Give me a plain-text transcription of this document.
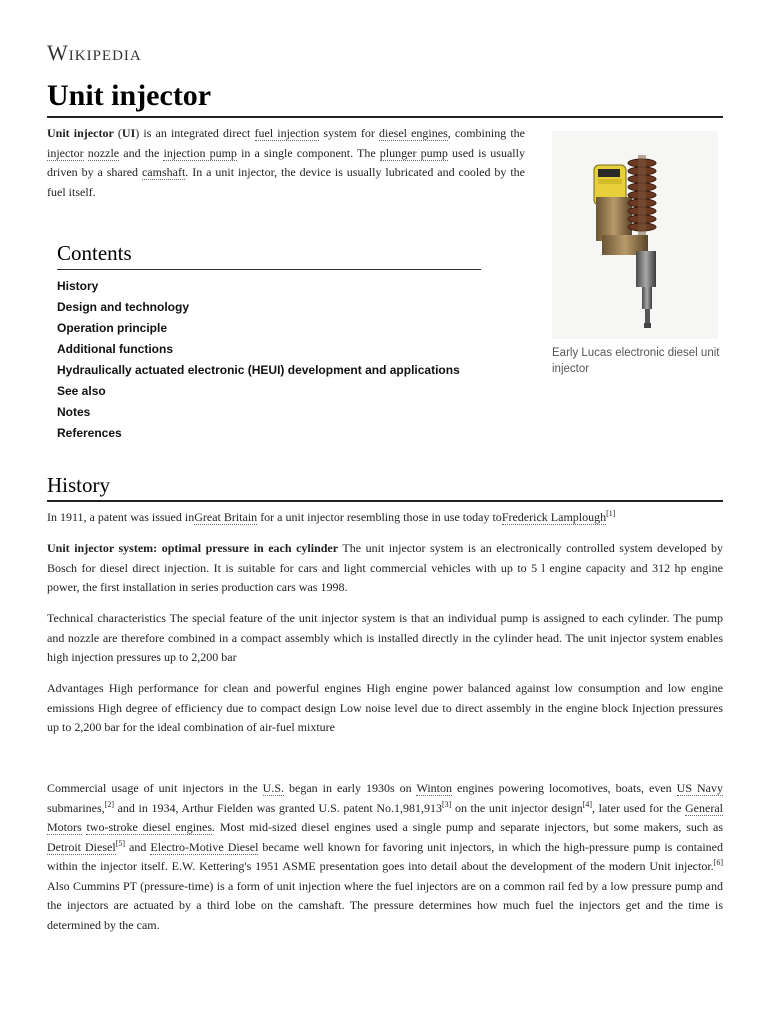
Wikipedia
Unit injector

Unit injector (UI) is an integrated direct fuel injection system for diesel engines, combining the injector nozzle and the injection pump in a single component. The plunger pump used is usually driven by a shared camshaft. In a unit injector, the device is usually lubricated and cooled by the fuel itself.

Contents
History
Design and technology
Operation principle
Additional functions
Hydraulically actuated electronic (HEUI) development and applications
See also
Notes
References
Early Lucas electronic diesel unit injector
History

In 1911, a patent was issued inGreat Britain for a unit injector resembling those in use today toFrederick Lamplough[1]

Unit injector system: optimal pressure in each cylinder The unit injector system is an electronically controlled system developed by Bosch for diesel direct injection. It is suitable for cars and light commercial vehicles with up to 5 l engine capacity and 312 hp engine power, the first installation in series production cars was 1998.

Technical characteristics The special feature of the unit injector system is that an individual pump is assigned to each cylinder. The pump and nozzle are therefore combined in a compact assembly which is installed directly in the cylinder head. The unit injector system enables high injection pressures up to 2,200 bar

Advantages High performance for clean and powerful engines High engine power balanced against low consumption and low engine emissions High degree of efficiency due to compact design Low noise level due to direct assembly in the engine block Injection pressures up to 2,200 bar for the ideal combination of air-fuel mixture

Commercial usage of unit injectors in the U.S. began in early 1930s on Winton engines powering locomotives, boats, even US Navy submarines,[2] and in 1934, Arthur Fielden was granted U.S. patent No.1,981,913[3] on the unit injector design[4], later used for the General Motors two-stroke diesel engines. Most mid-sized diesel engines used a single pump and separate injectors, but some makers, such as Detroit Diesel[5] and Electro-Motive Diesel became well known for favoring unit injectors, in which the high-pressure pump is contained within the injector itself. E.W. Kettering's 1951 ASME presentation goes into detail about the development of the modern Unit injector.[6] Also Cummins PT (pressure-time) is a form of unit injection where the fuel injectors are on a common rail fed by a low pressure pump and the injectors are actuated by a third lobe on the camshaft. The pressure determines how much fuel the injectors get and the time is determined by the cam.
